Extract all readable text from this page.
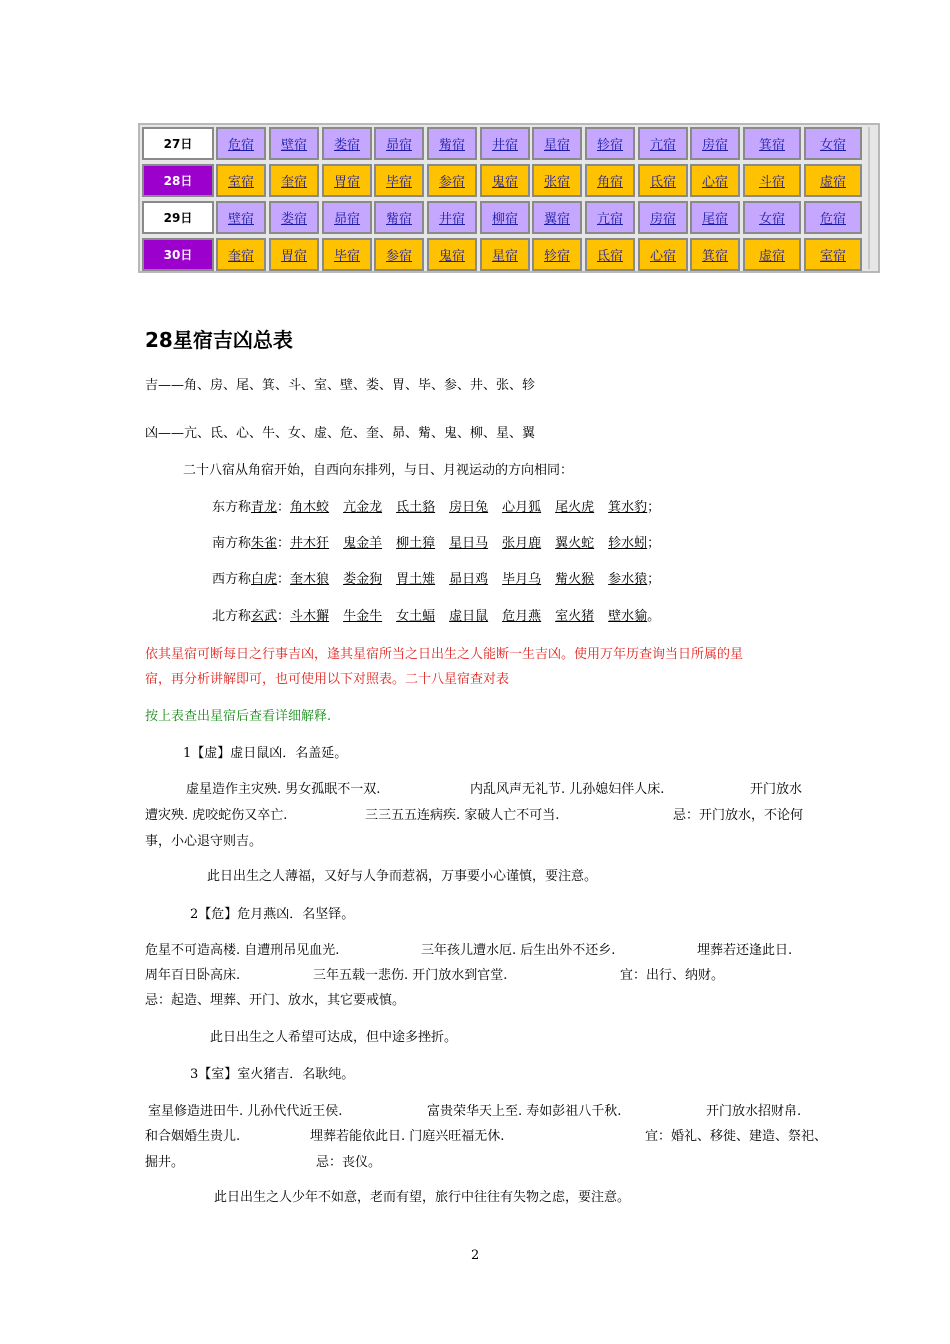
27日	危宿 壁宿 娄宿 昴宿 觜宿 井宿 星宿 轸宿 亢宿 房宿 箕宿	女宿
28日	室宿 奎宿 胃宿 毕宿 参宿 鬼宿 张宿 角宿 氐宿 心宿 斗宿	虚宿
29日	壁宿 娄宿 昴宿 觜宿 井宿 柳宿 翼宿 亢宿 房宿 尾宿 女宿	危宿
30日	奎宿 胃宿 毕宿 参宿 鬼宿 星宿 轸宿 氐宿 心宿 箕宿 虚宿	室宿
28星宿吉凶总表
吉——角、房、尾、箕、斗、室、壁、娄、胃、毕、参、井、张、轸
凶——亢、氐、心、牛、女、虚、危、奎、昴、觜、鬼、柳、星、翼
二十八宿从角宿开始，自西向东排列，与日、月视运动的方向相同：
东方称青龙：角木蛟 亢金龙 氐土貉 房日兔 心月狐 尾火虎 箕水豹；
南方称朱雀：井木犴 鬼金羊 柳土獐 星日马 张月鹿 翼火蛇 轸水蚓；
西方称白虎：奎木狼 娄金狗 胃土雉 昴日鸡 毕月乌 觜火猴 参水猿；
北方称玄武：斗木獬 牛金牛 女土蝠 虚日鼠 危月燕 室火猪 壁水貐。
依其星宿可断每日之行事吉凶，逢其星宿所当之日出生之人能断一生吉凶。使用万年历查询当日所属的星
宿，再分析讲解即可，也可使用以下对照表。二十八星宿查对表
按上表查出星宿后查看详细解释.
1【虚】虚日鼠凶．名盖延。
虚星造作主灾殃. 男女孤眠不一双.	内乱风声无礼节. 儿孙媳妇伴人床.	开门放水
遭灾殃. 虎咬蛇伤又卒亡.	三三五五连病疾. 家破人亡不可当.	忌：开门放水，不论何
事，小心退守则吉。
此日出生之人薄福，又好与人争而惹祸，万事要小心谨慎，要注意。
2【危】危月燕凶．名坚铎。
危星不可造高楼. 自遭刑吊见血光.	三年孩儿遭水厄. 后生出外不还乡.	埋葬若还逢此日.
周年百日卧高床.	三年五载一悲伤. 开门放水到官堂.	宜：出行、纳财。
忌：起造、埋葬、开门、放水，其它要戒慎。
此日出生之人希望可达成，但中途多挫折。
3【室】室火猪吉．名耿纯。
室星修造进田牛. 儿孙代代近王侯.	富贵荣华天上至. 寿如彭祖八千秋.	开门放水招财帛.
和合姻婚生贵儿.	埋葬若能依此日. 门庭兴旺福无休.	宜：婚礼、移徙、建造、祭祀、
掘井。	忌：丧仪。
此日出生之人少年不如意，老而有望，旅行中往往有失物之虑，要注意。
2
